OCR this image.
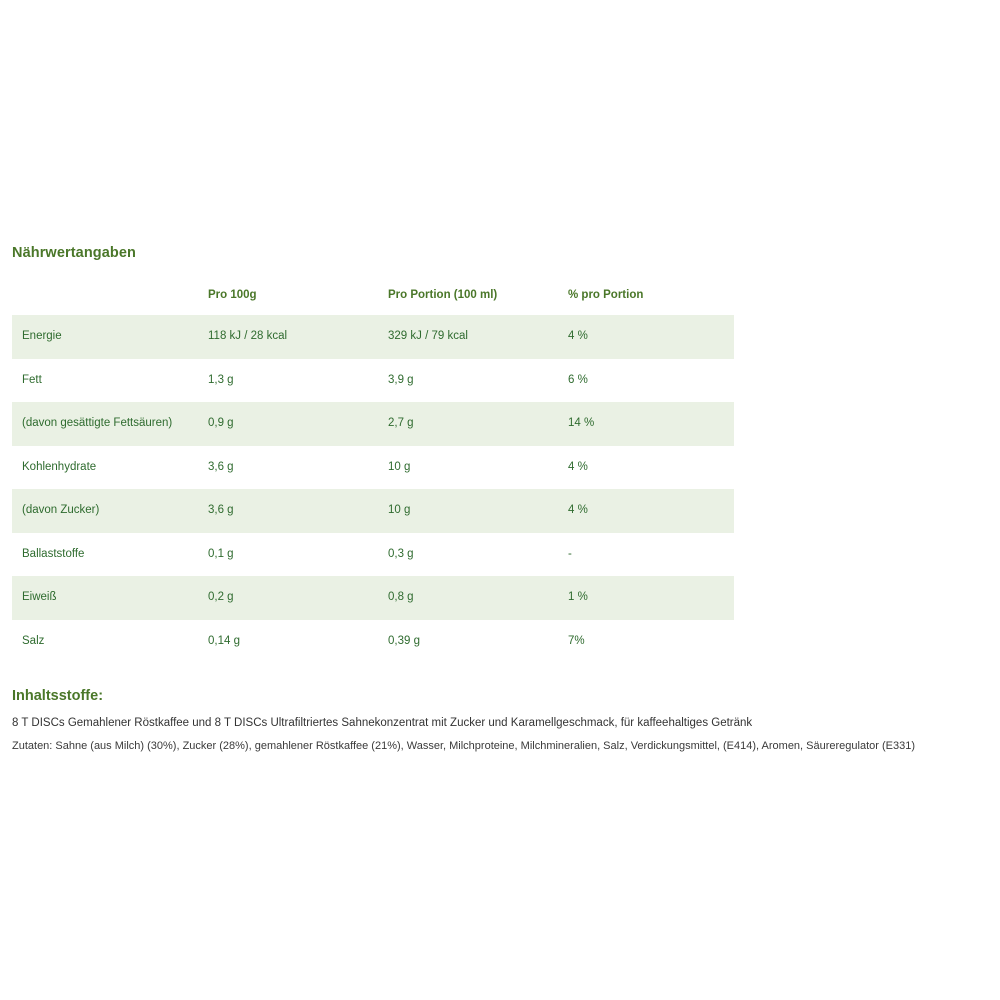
Nährwertangaben
	Pro 100g	Pro Portion (100 ml)	% pro Portion
Energie	118 kJ / 28 kcal	329 kJ / 79 kcal	4 %
Fett	1,3 g	3,9 g	6 %
(davon gesättigte Fettsäuren)	0,9 g	2,7 g	14 %
Kohlenhydrate	3,6 g	10 g	4 %
(davon Zucker)	3,6 g	10 g	4 %
Ballaststoffe	0,1 g	0,3 g	-
Eiweiß	0,2 g	0,8 g	1 %
Salz	0,14 g	0,39 g	7%
Inhaltsstoffe:

8 T DISCs Gemahlener Röstkaffee und 8 T DISCs Ultrafiltriertes Sahnekonzentrat mit Zucker und Karamellgeschmack, für kaffeehaltiges Getränk

Zutaten: Sahne (aus Milch) (30%), Zucker (28%), gemahlener Röstkaffee (21%), Wasser, Milchproteine, Milchmineralien, Salz, Verdickungsmittel, (E414), Aromen, Säureregulator (E331)
